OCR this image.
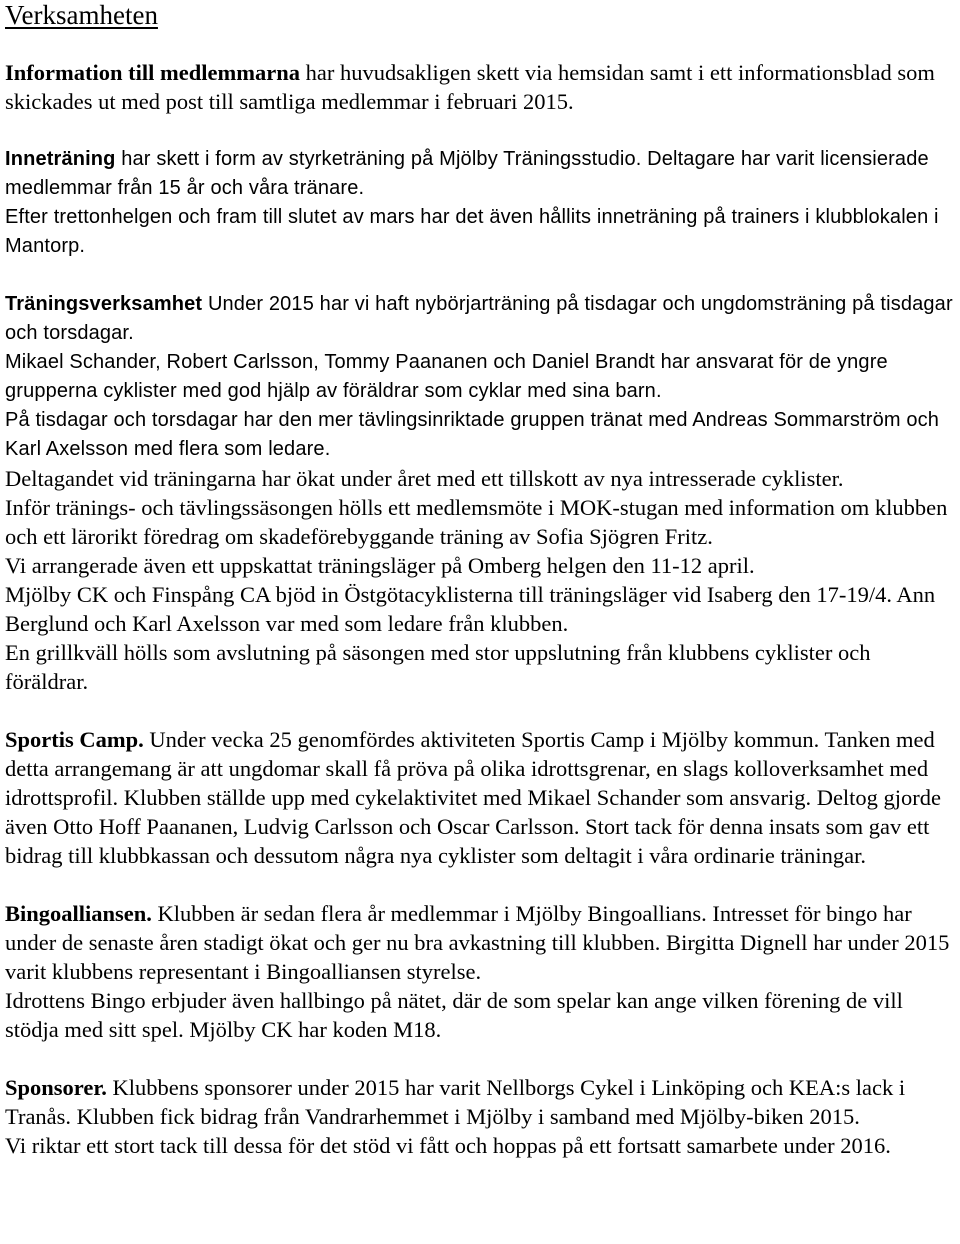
Verksamheten

Information till medlemmarna har huvudsakligen skett via hemsidan samt i ett informationsblad som skickades ut med post till samtliga medlemmar i februari 2015.

Inneträning har skett i form av styrketräning på Mjölby Träningsstudio. Deltagare har varit licensierade medlemmar från 15 år och våra tränare.

Efter trettonhelgen och fram till slutet av mars har det även hållits inneträning på trainers i klubblokalen i Mantorp.

Träningsverksamhet Under 2015 har vi haft nybörjarträning på tisdagar och ungdomsträning på tisdagar och torsdagar.

Mikael Schander, Robert Carlsson, Tommy Paananen och Daniel Brandt har ansvarat för de yngre grupperna cyklister med god hjälp av föräldrar som cyklar med sina barn.

På tisdagar och torsdagar har den mer tävlingsinriktade gruppen tränat med Andreas Sommarström och Karl Axelsson med flera som ledare.

Deltagandet vid träningarna har ökat under året med ett tillskott av nya intresserade cyklister.

Inför tränings- och tävlingssäsongen hölls ett medlemsmöte i MOK-stugan med information om klubben och ett lärorikt föredrag om skadeförebyggande träning av Sofia Sjögren Fritz.

Vi arrangerade även ett uppskattat träningsläger på Omberg helgen den 11-12 april.

Mjölby CK och Finspång CA bjöd in Östgötacyklisterna till träningsläger vid Isaberg den 17-19/4. Ann Berglund och Karl Axelsson var med som ledare från klubben.

En grillkväll hölls som avslutning på säsongen med stor uppslutning från klubbens cyklister och föräldrar.

Sportis Camp. Under vecka 25 genomfördes aktiviteten Sportis Camp i Mjölby kommun. Tanken med detta arrangemang är att ungdomar skall få pröva på olika idrottsgrenar, en slags kolloverksamhet med idrottsprofil. Klubben ställde upp med cykelaktivitet med Mikael Schander som ansvarig. Deltog gjorde även Otto Hoff Paananen, Ludvig Carlsson och Oscar Carlsson. Stort tack för denna insats som gav ett bidrag till klubbkassan och dessutom några nya cyklister som deltagit i våra ordinarie träningar.

Bingoalliansen. Klubben är sedan flera år medlemmar i Mjölby Bingoallians. Intresset för bingo har under de senaste åren stadigt ökat och ger nu bra avkastning till klubben. Birgitta Dignell har under 2015 varit klubbens representant i Bingoalliansen styrelse.

Idrottens Bingo erbjuder även hallbingo på nätet, där de som spelar kan ange vilken förening de vill stödja med sitt spel. Mjölby CK har koden M18.

Sponsorer. Klubbens sponsorer under 2015 har varit Nellborgs Cykel i Linköping och KEA:s lack i Tranås. Klubben fick bidrag från Vandrarhemmet i Mjölby i samband med Mjölby-biken 2015.

Vi riktar ett stort tack till dessa för det stöd vi fått och hoppas på ett fortsatt samarbete under 2016.
